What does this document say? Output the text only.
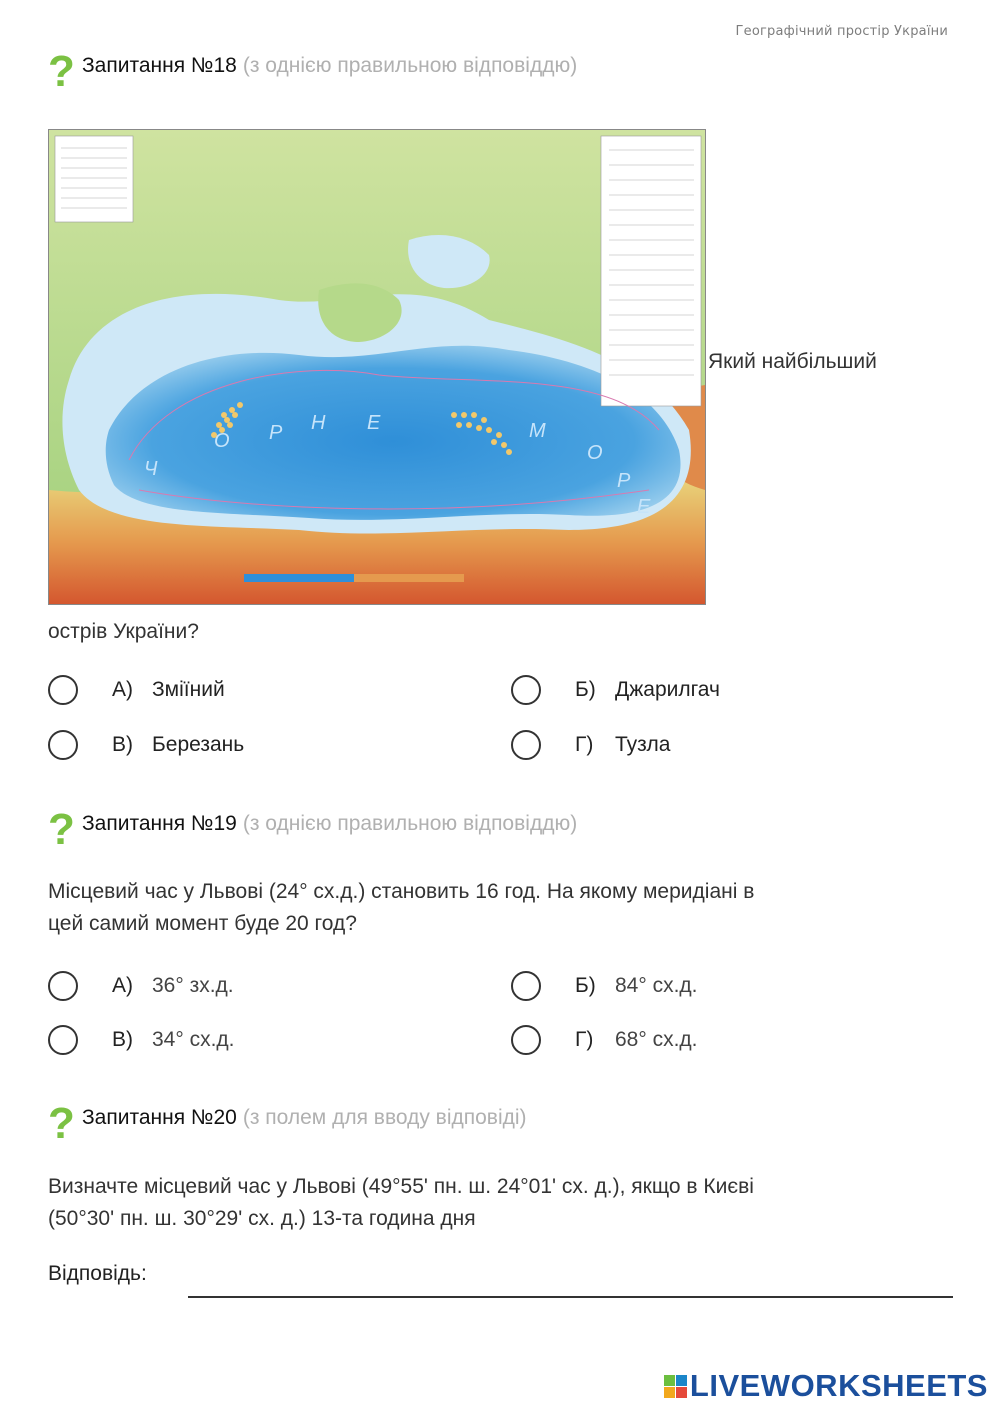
Географічний простір України
? Запитання №18 (з однією правильною відповіддю)
Ч
О Р Н Е	М
О
Р
Е
Який найбільший
острів України?
А) Зміїний	Б) Джарилгач
В) Березань	Г)	Тузла
? Запитання №19 (з однією правильною відповіддю)
Місцевий час у Львові (24° сх.д.) становить 16 год. На якому меридіані в
цей самий момент буде 20 год?
А) 36° зх.д.	Б) 84° сх.д.
В) 34° сх.д.	Г)	68° сх.д.
? Запитання №20 (з полем для вводу відповіді)
Визначте місцевий час у Львові (49°55' пн. ш. 24°01' сх. д.), якщо в Києві
(50°30' пн. ш. 30°29' сх. д.) 13-та година дня
Відповідь:
LIVEWORKSHEETS
